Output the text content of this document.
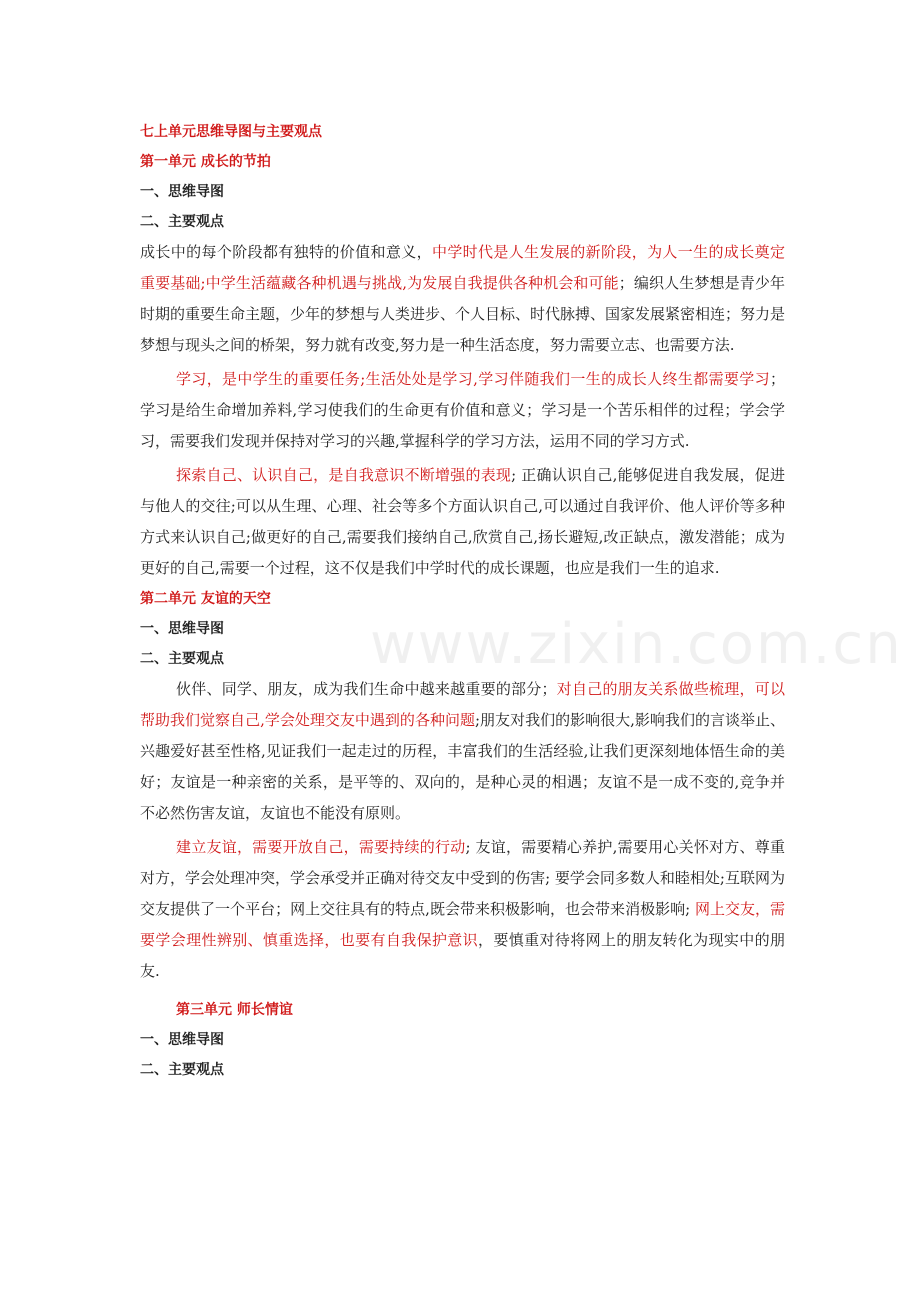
www.zixin.com.cn
七上单元思维导图与主要观点
第一单元 成长的节拍
一、思维导图
二、主要观点

成长中的每个阶段都有独特的价值和意义，中学时代是人生发展的新阶段，为人一生的成长奠定重要基础;中学生活蕴藏各种机遇与挑战,为发展自我提供各种机会和可能；编织人生梦想是青少年时期的重要生命主题，少年的梦想与人类进步、个人目标、时代脉搏、国家发展紧密相连；努力是梦想与现头之间的桥架，努力就有改变,努力是一种生活态度，努力需要立志、也需要方法.

学习，是中学生的重要任务;生活处处是学习,学习伴随我们一生的成长人终生都需要学习；学习是给生命增加养料,学习使我们的生命更有价值和意义；学习是一个苦乐相伴的过程；学会学习，需要我们发现并保持对学习的兴趣,掌握科学的学习方法，运用不同的学习方式.

探索自己、认识自己，是自我意识不断增强的表现; 正确认识自己,能够促进自我发展，促进与他人的交往;可以从生理、心理、社会等多个方面认识自己,可以通过自我评价、他人评价等多种方式来认识自己;做更好的自己,需要我们接纳自己,欣赏自己,扬长避短,改正缺点，激发潜能；成为更好的自己,需要一个过程，这不仅是我们中学时代的成长课题，也应是我们一生的追求.

第二单元 友谊的天空
一、思维导图
二、主要观点

伙伴、同学、朋友，成为我们生命中越来越重要的部分；对自己的朋友关系做些梳理，可以帮助我们觉察自己,学会处理交友中遇到的各种问题;朋友对我们的影响很大,影响我们的言谈举止、兴趣爱好甚至性格,见证我们一起走过的历程，丰富我们的生活经验,让我们更深刻地体悟生命的美好；友谊是一种亲密的关系，是平等的、双向的，是种心灵的相遇；友谊不是一成不变的,竞争并不必然伤害友谊，友谊也不能没有原则。

建立友谊，需要开放自己，需要持续的行动; 友谊，需要精心养护,需要用心关怀对方、尊重对方，学会处理冲突，学会承受并正确对待交友中受到的伤害; 要学会同多数人和睦相处;互联网为交友提供了一个平台；网上交往具有的特点,既会带来积极影响，也会带来消极影响; 网上交友，需要学会理性辨别、慎重选择，也要有自我保护意识，要慎重对待将网上的朋友转化为现实中的朋友.

第三单元 师长情谊
一、思维导图
二、主要观点
